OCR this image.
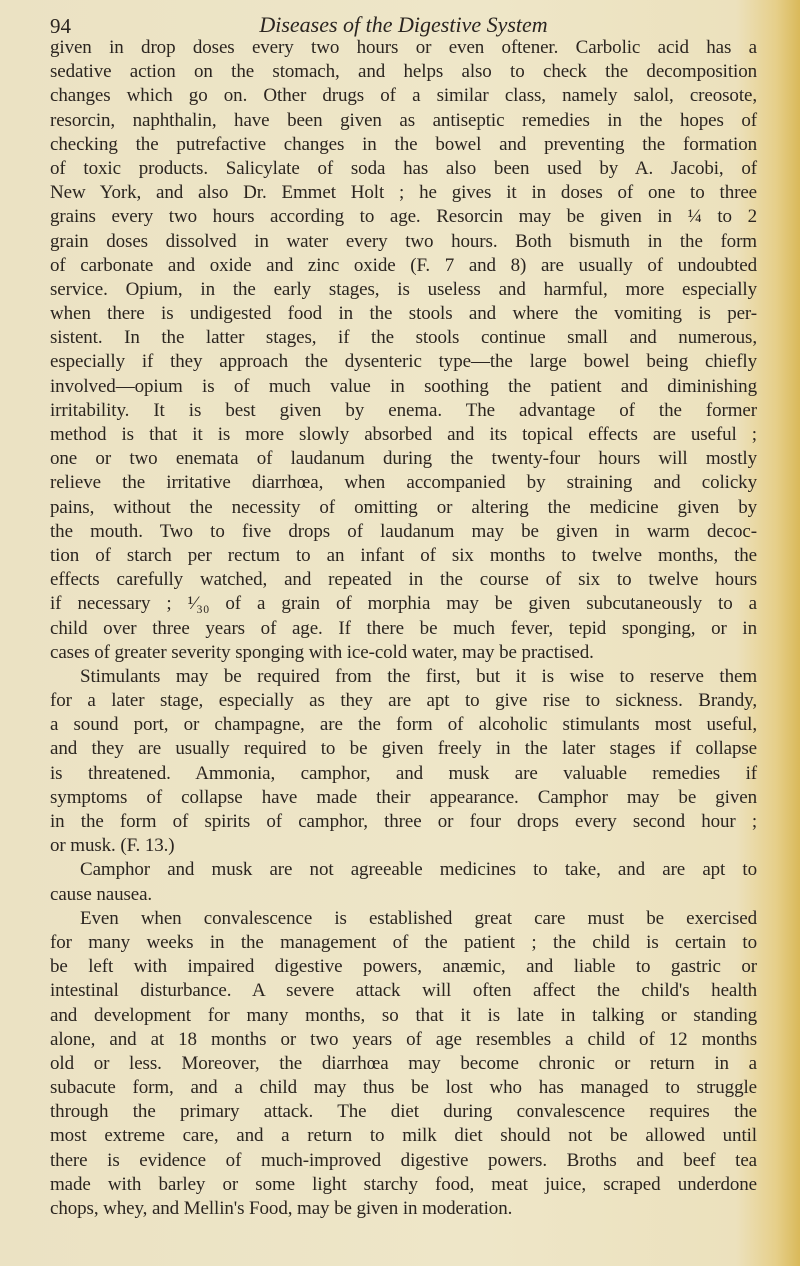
94	Diseases of the Digestive System
given in drop doses every two hours or even oftener. Carbolic acid has a
sedative action on the stomach, and helps also to check the decomposition
changes which go on. Other drugs of a similar class, namely salol, creosote,
resorcin, naphthalin, have been given as antiseptic remedies in the hopes of
checking the putrefactive changes in the bowel and preventing the formation
of toxic products. Salicylate of soda has also been used by A. Jacobi, of
New York, and also Dr. Emmet Holt ; he gives it in doses of one to three
grains every two hours according to age. Resorcin may be given in ¼ to 2
grain doses dissolved in water every two hours. Both bismuth in the form
of carbonate and oxide and zinc oxide (F. 7 and 8) are usually of undoubted
service. Opium, in the early stages, is useless and harmful, more especially
when there is undigested food in the stools and where the vomiting is per-
sistent. In the latter stages, if the stools continue small and numerous,
especially if they approach the dysenteric type—the large bowel being chiefly
involved—opium is of much value in soothing the patient and diminishing
irritability. It is best given by enema. The advantage of the former
method is that it is more slowly absorbed and its topical effects are useful ;
one or two enemata of laudanum during the twenty-four hours will mostly
relieve the irritative diarrhœa, when accompanied by straining and colicky
pains, without the necessity of omitting or altering the medicine given by
the mouth. Two to five drops of laudanum may be given in warm decoc-
tion of starch per rectum to an infant of six months to twelve months, the
effects carefully watched, and repeated in the course of six to twelve hours
if necessary ; ¹⁄₃₀ of a grain of morphia may be given subcutaneously to a
child over three years of age. If there be much fever, tepid sponging, or in
cases of greater severity sponging with ice-cold water, may be practised.
Stimulants may be required from the first, but it is wise to reserve them
for a later stage, especially as they are apt to give rise to sickness. Brandy,
a sound port, or champagne, are the form of alcoholic stimulants most useful,
and they are usually required to be given freely in the later stages if collapse
is threatened. Ammonia, camphor, and musk are valuable remedies if
symptoms of collapse have made their appearance. Camphor may be given
in the form of spirits of camphor, three or four drops every second hour ;
or musk. (F. 13.)
Camphor and musk are not agreeable medicines to take, and are apt to
cause nausea.
Even when convalescence is established great care must be exercised
for many weeks in the management of the patient ; the child is certain to
be left with impaired digestive powers, anæmic, and liable to gastric or
intestinal disturbance. A severe attack will often affect the child's health
and development for many months, so that it is late in talking or standing
alone, and at 18 months or two years of age resembles a child of 12 months
old or less. Moreover, the diarrhœa may become chronic or return in a
subacute form, and a child may thus be lost who has managed to struggle
through the primary attack. The diet during convalescence requires the
most extreme care, and a return to milk diet should not be allowed until
there is evidence of much-improved digestive powers. Broths and beef tea
made with barley or some light starchy food, meat juice, scraped underdone
chops, whey, and Mellin's Food, may be given in moderation.
